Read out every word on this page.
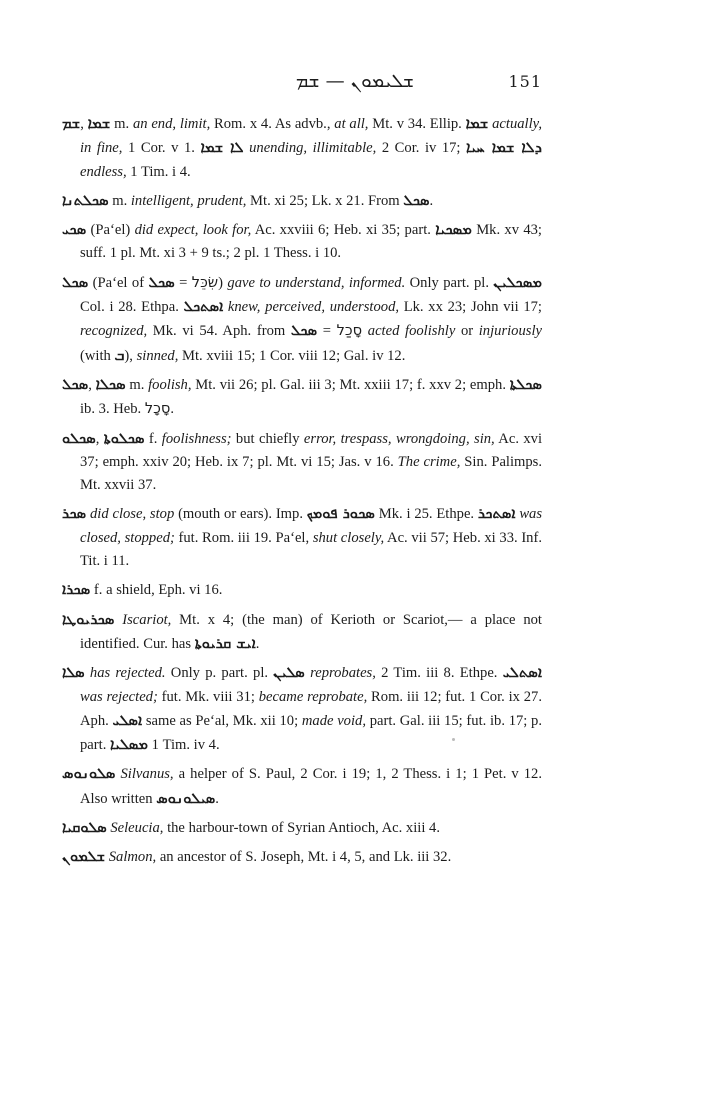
ܫܠܝܡܘܢ — ܫܡ	151

ܫܡ, ܫܡܐ m. an end, limit, Rom. x 4. As advb., at all, Mt. v 34. Ellip. ܫܡܐ actually, in fine, 1 Cor. v 1. ܠܐ ܫܡܐ unending, illimitable, 2 Cor. iv 17; ܕܠܐ ܫܡܐ ܚܝܐ endless, 1 Tim. i 4.

ܣܟܠܬܢܐ m. intelligent, prudent, Mt. xi 25; Lk. x 21. From ܣܟܠ.

ܣܟܝ (Pa‘el) did expect, look for, Ac. xxviii 6; Heb. xi 35; part. ܡܣܟܝܐ Mk. xv 43; suff. 1 pl. Mt. xi 3 + 9 ts.; 2 pl. 1 Thess. i 10.

ܣܟܠ (Pa‘el of ܣܟܠ = שִׂכֵּל) gave to understand, informed. Only part. pl. ܡܣܟܠܝܢ Col. i 28. Ethpa. ܐܣܬܟܠ knew, perceived, understood, Lk. xx 23; John vii 17; recognized, Mk. vi 54. Aph. from ܣܟܠ = סָכַל acted foolishly or injuriously (with ܒ), sinned, Mt. xviii 15; 1 Cor. viii 12; Gal. iv 12.

ܣܟܠ, ܣܟܠܐ m. foolish, Mt. vii 26; pl. Gal. iii 3; Mt. xxiii 17; f. xxv 2; emph. ܣܟܠܬܐ ib. 3. Heb. סָכָל.

ܣܟܠܘ, ܣܟܠܘܬܐ f. foolishness; but chiefly error, trespass, wrongdoing, sin, Ac. xvi 37; emph. xxiv 20; Heb. ix 7; pl. Mt. vi 15; Jas. v 16. The crime, Sin. Palimps. Mt. xxvii 37.

ܣܟܪ did close, stop (mouth or ears). Imp. ܣܟܘܪ ܦܘܡܟ Mk. i 25. Ethpe. ܐܣܬܟܪ was closed, stopped; fut. Rom. iii 19. Pa‘el, shut closely, Ac. vii 57; Heb. xi 33. Inf. Tit. i 11.

ܣܟܪܐ f. a shield, Eph. vi 16.

ܣܟܪܝܘܛܐ Iscariot, Mt. x 4; (the man) of Kerioth or Scariot,— a place not identified. Cur. has ܐܝܫ ܩܪܝܘܬܐ.

ܣܠܐ has rejected. Only p. part. pl. ܣܠܝܢ reprobates, 2 Tim. iii 8. Ethpe. ܐܣܬܠܝ was rejected; fut. Mk. viii 31; became reprobate, Rom. iii 12; fut. 1 Cor. ix 27. Aph. ܐܣܠܝ same as Pe‘al, Mk. xii 10; made void, part. Gal. iii 15; fut. ib. 17; p. part. ܡܣܠܝܐ 1 Tim. iv 4.

ܣܠܘܢܘܣ Silvanus, a helper of S. Paul, 2 Cor. i 19; 1, 2 Thess. i 1; 1 Pet. v 12. Also written ܣܝܠܘܢܘܣ.

ܣܠܘܩܝܐ Seleucia, the harbour-town of Syrian Antioch, Ac. xiii 4.

ܫܠܡܘܢ Salmon, an ancestor of S. Joseph, Mt. i 4, 5, and Lk. iii 32.
